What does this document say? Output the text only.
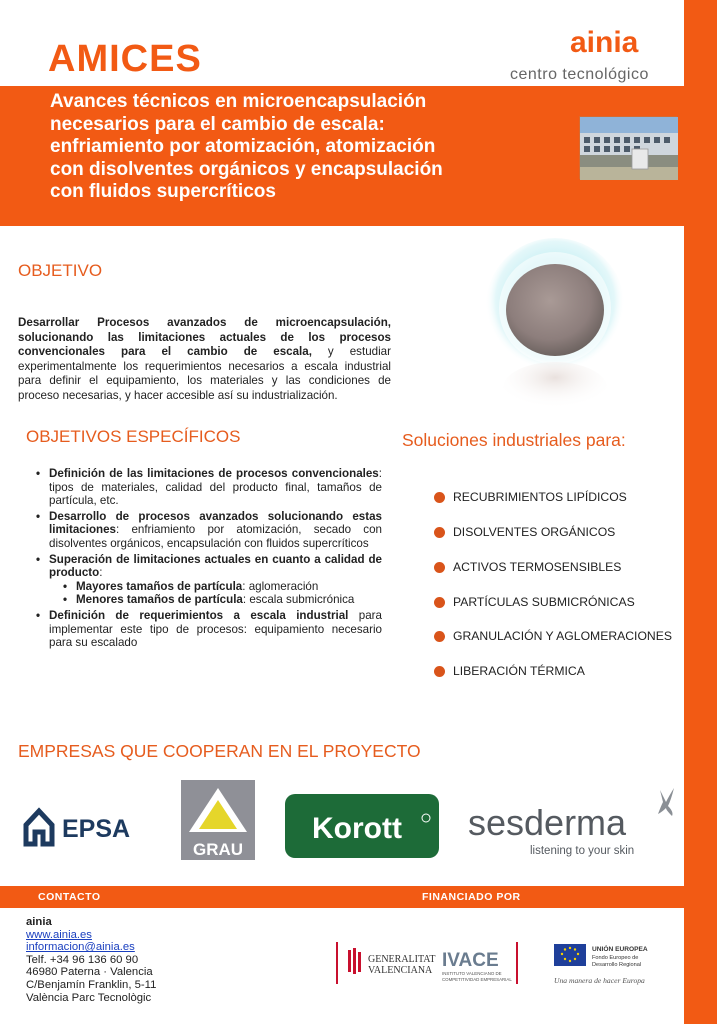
AMICES	ainia
centro tecnológico
Avances técnicos en microencapsulación
necesarios para el cambio de escala:
enfriamiento por atomización, atomización
con disolventes orgánicos y encapsulación
con fluidos supercríticos
OBJETIVO
Desarrollar Procesos avanzados de microencapsulación, solucionando las limitaciones actuales de los procesos convencionales para el cambio de escala, y estudiar experimentalmente los requerimientos necesarios a escala industrial para definir el equipamiento, los materiales y las condiciones de proceso necesarias, y hacer accesible así su industrialización.
OBJETIVOS ESPECÍFICOS
• Definición de las limitaciones de procesos convencionales: tipos de materiales, calidad del producto final, tamaños de partícula, etc.
• Desarrollo de procesos avanzados solucionando estas limitaciones: enfriamiento por atomización, secado con disolventes orgánicos, encapsulación con fluidos supercríticos
• Superación de limitaciones actuales en cuanto a calidad de producto:
• Mayores tamaños de partícula: aglomeración
• Menores tamaños de partícula: escala submicrónica
• Definición de requerimientos a escala industrial para implementar este tipo de procesos: equipamiento necesario para su escalado
Soluciones industriales para:
RECUBRIMIENTOS LIPÍDICOS
DISOLVENTES ORGÁNICOS
ACTIVOS TERMOSENSIBLES
PARTÍCULAS SUBMICRÓNICAS
GRANULACIÓN Y AGLOMERACIONES
LIBERACIÓN TÉRMICA
EMPRESAS QUE COOPERAN EN EL PROYECTO
EPSA
GRAU
Korott sesderma
listening to your skin
CONTACTO	FINANCIADO POR
ainia
www.ainia.es
informacion@ainia.es
Telf. +34 96 136 60 90
46980 Paterna · Valencia
C/Benjamín Franklin, 5-11
València Parc Tecnològic
GENERALITAT
VALENCIANA IVACE
INSTITUTO VALENCIANO DE
COMPETITIVIDAD EMPRESARIAL
UNIÓN EUROPEA
Fondo Europeo de
Desarrollo Regional
Una manera de hacer Europa
